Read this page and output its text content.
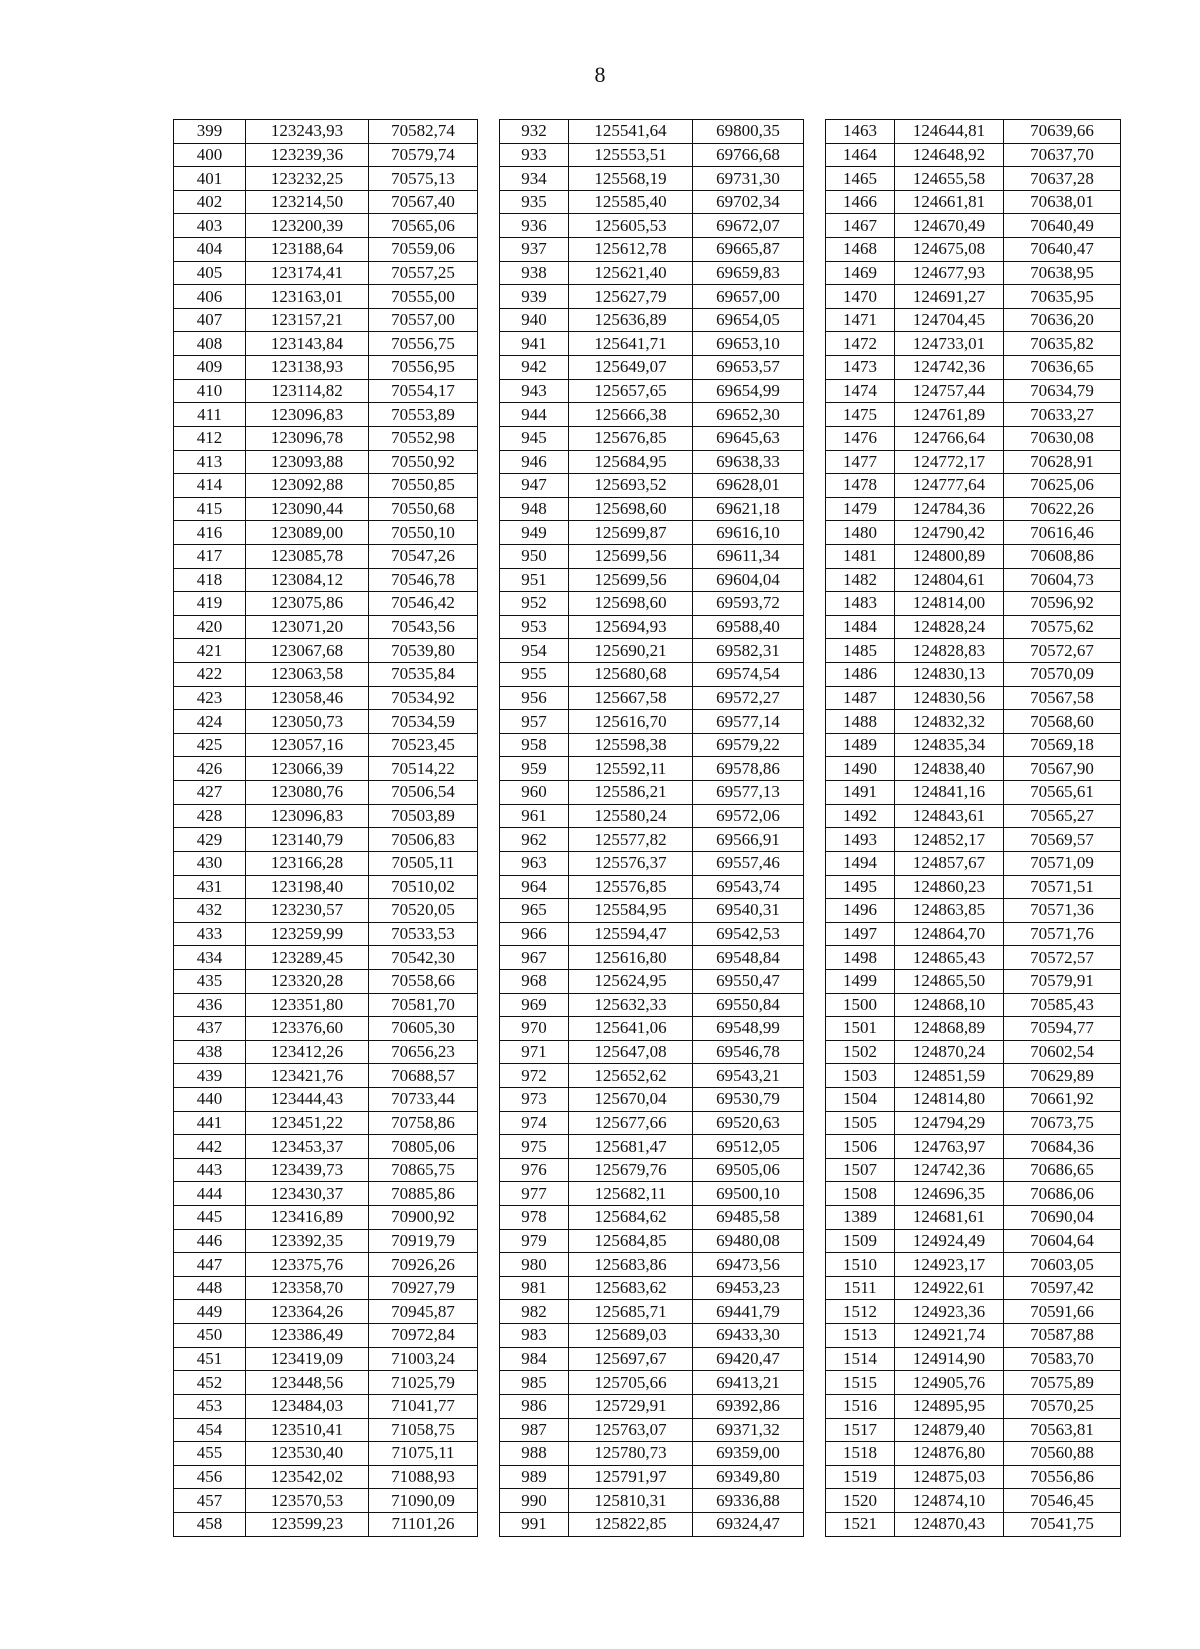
8
399	123243,93	70582,74		932	125541,64	69800,35		1463	124644,81	70639,66
400	123239,36	70579,74		933	125553,51	69766,68		1464	124648,92	70637,70
401	123232,25	70575,13		934	125568,19	69731,30		1465	124655,58	70637,28
402	123214,50	70567,40		935	125585,40	69702,34		1466	124661,81	70638,01
403	123200,39	70565,06		936	125605,53	69672,07		1467	124670,49	70640,49
404	123188,64	70559,06		937	125612,78	69665,87		1468	124675,08	70640,47
405	123174,41	70557,25		938	125621,40	69659,83		1469	124677,93	70638,95
406	123163,01	70555,00		939	125627,79	69657,00		1470	124691,27	70635,95
407	123157,21	70557,00		940	125636,89	69654,05		1471	124704,45	70636,20
408	123143,84	70556,75		941	125641,71	69653,10		1472	124733,01	70635,82
409	123138,93	70556,95		942	125649,07	69653,57		1473	124742,36	70636,65
410	123114,82	70554,17		943	125657,65	69654,99		1474	124757,44	70634,79
411	123096,83	70553,89		944	125666,38	69652,30		1475	124761,89	70633,27
412	123096,78	70552,98		945	125676,85	69645,63		1476	124766,64	70630,08
413	123093,88	70550,92		946	125684,95	69638,33		1477	124772,17	70628,91
414	123092,88	70550,85		947	125693,52	69628,01		1478	124777,64	70625,06
415	123090,44	70550,68		948	125698,60	69621,18		1479	124784,36	70622,26
416	123089,00	70550,10		949	125699,87	69616,10		1480	124790,42	70616,46
417	123085,78	70547,26		950	125699,56	69611,34		1481	124800,89	70608,86
418	123084,12	70546,78		951	125699,56	69604,04		1482	124804,61	70604,73
419	123075,86	70546,42		952	125698,60	69593,72		1483	124814,00	70596,92
420	123071,20	70543,56		953	125694,93	69588,40		1484	124828,24	70575,62
421	123067,68	70539,80		954	125690,21	69582,31		1485	124828,83	70572,67
422	123063,58	70535,84		955	125680,68	69574,54		1486	124830,13	70570,09
423	123058,46	70534,92		956	125667,58	69572,27		1487	124830,56	70567,58
424	123050,73	70534,59		957	125616,70	69577,14		1488	124832,32	70568,60
425	123057,16	70523,45		958	125598,38	69579,22		1489	124835,34	70569,18
426	123066,39	70514,22		959	125592,11	69578,86		1490	124838,40	70567,90
427	123080,76	70506,54		960	125586,21	69577,13		1491	124841,16	70565,61
428	123096,83	70503,89		961	125580,24	69572,06		1492	124843,61	70565,27
429	123140,79	70506,83		962	125577,82	69566,91		1493	124852,17	70569,57
430	123166,28	70505,11		963	125576,37	69557,46		1494	124857,67	70571,09
431	123198,40	70510,02		964	125576,85	69543,74		1495	124860,23	70571,51
432	123230,57	70520,05		965	125584,95	69540,31		1496	124863,85	70571,36
433	123259,99	70533,53		966	125594,47	69542,53		1497	124864,70	70571,76
434	123289,45	70542,30		967	125616,80	69548,84		1498	124865,43	70572,57
435	123320,28	70558,66		968	125624,95	69550,47		1499	124865,50	70579,91
436	123351,80	70581,70		969	125632,33	69550,84		1500	124868,10	70585,43
437	123376,60	70605,30		970	125641,06	69548,99		1501	124868,89	70594,77
438	123412,26	70656,23		971	125647,08	69546,78		1502	124870,24	70602,54
439	123421,76	70688,57		972	125652,62	69543,21		1503	124851,59	70629,89
440	123444,43	70733,44		973	125670,04	69530,79		1504	124814,80	70661,92
441	123451,22	70758,86		974	125677,66	69520,63		1505	124794,29	70673,75
442	123453,37	70805,06		975	125681,47	69512,05		1506	124763,97	70684,36
443	123439,73	70865,75		976	125679,76	69505,06		1507	124742,36	70686,65
444	123430,37	70885,86		977	125682,11	69500,10		1508	124696,35	70686,06
445	123416,89	70900,92		978	125684,62	69485,58		1389	124681,61	70690,04
446	123392,35	70919,79		979	125684,85	69480,08		1509	124924,49	70604,64
447	123375,76	70926,26		980	125683,86	69473,56		1510	124923,17	70603,05
448	123358,70	70927,79		981	125683,62	69453,23		1511	124922,61	70597,42
449	123364,26	70945,87		982	125685,71	69441,79		1512	124923,36	70591,66
450	123386,49	70972,84		983	125689,03	69433,30		1513	124921,74	70587,88
451	123419,09	71003,24		984	125697,67	69420,47		1514	124914,90	70583,70
452	123448,56	71025,79		985	125705,66	69413,21		1515	124905,76	70575,89
453	123484,03	71041,77		986	125729,91	69392,86		1516	124895,95	70570,25
454	123510,41	71058,75		987	125763,07	69371,32		1517	124879,40	70563,81
455	123530,40	71075,11		988	125780,73	69359,00		1518	124876,80	70560,88
456	123542,02	71088,93		989	125791,97	69349,80		1519	124875,03	70556,86
457	123570,53	71090,09		990	125810,31	69336,88		1520	124874,10	70546,45
458	123599,23	71101,26		991	125822,85	69324,47		1521	124870,43	70541,75
